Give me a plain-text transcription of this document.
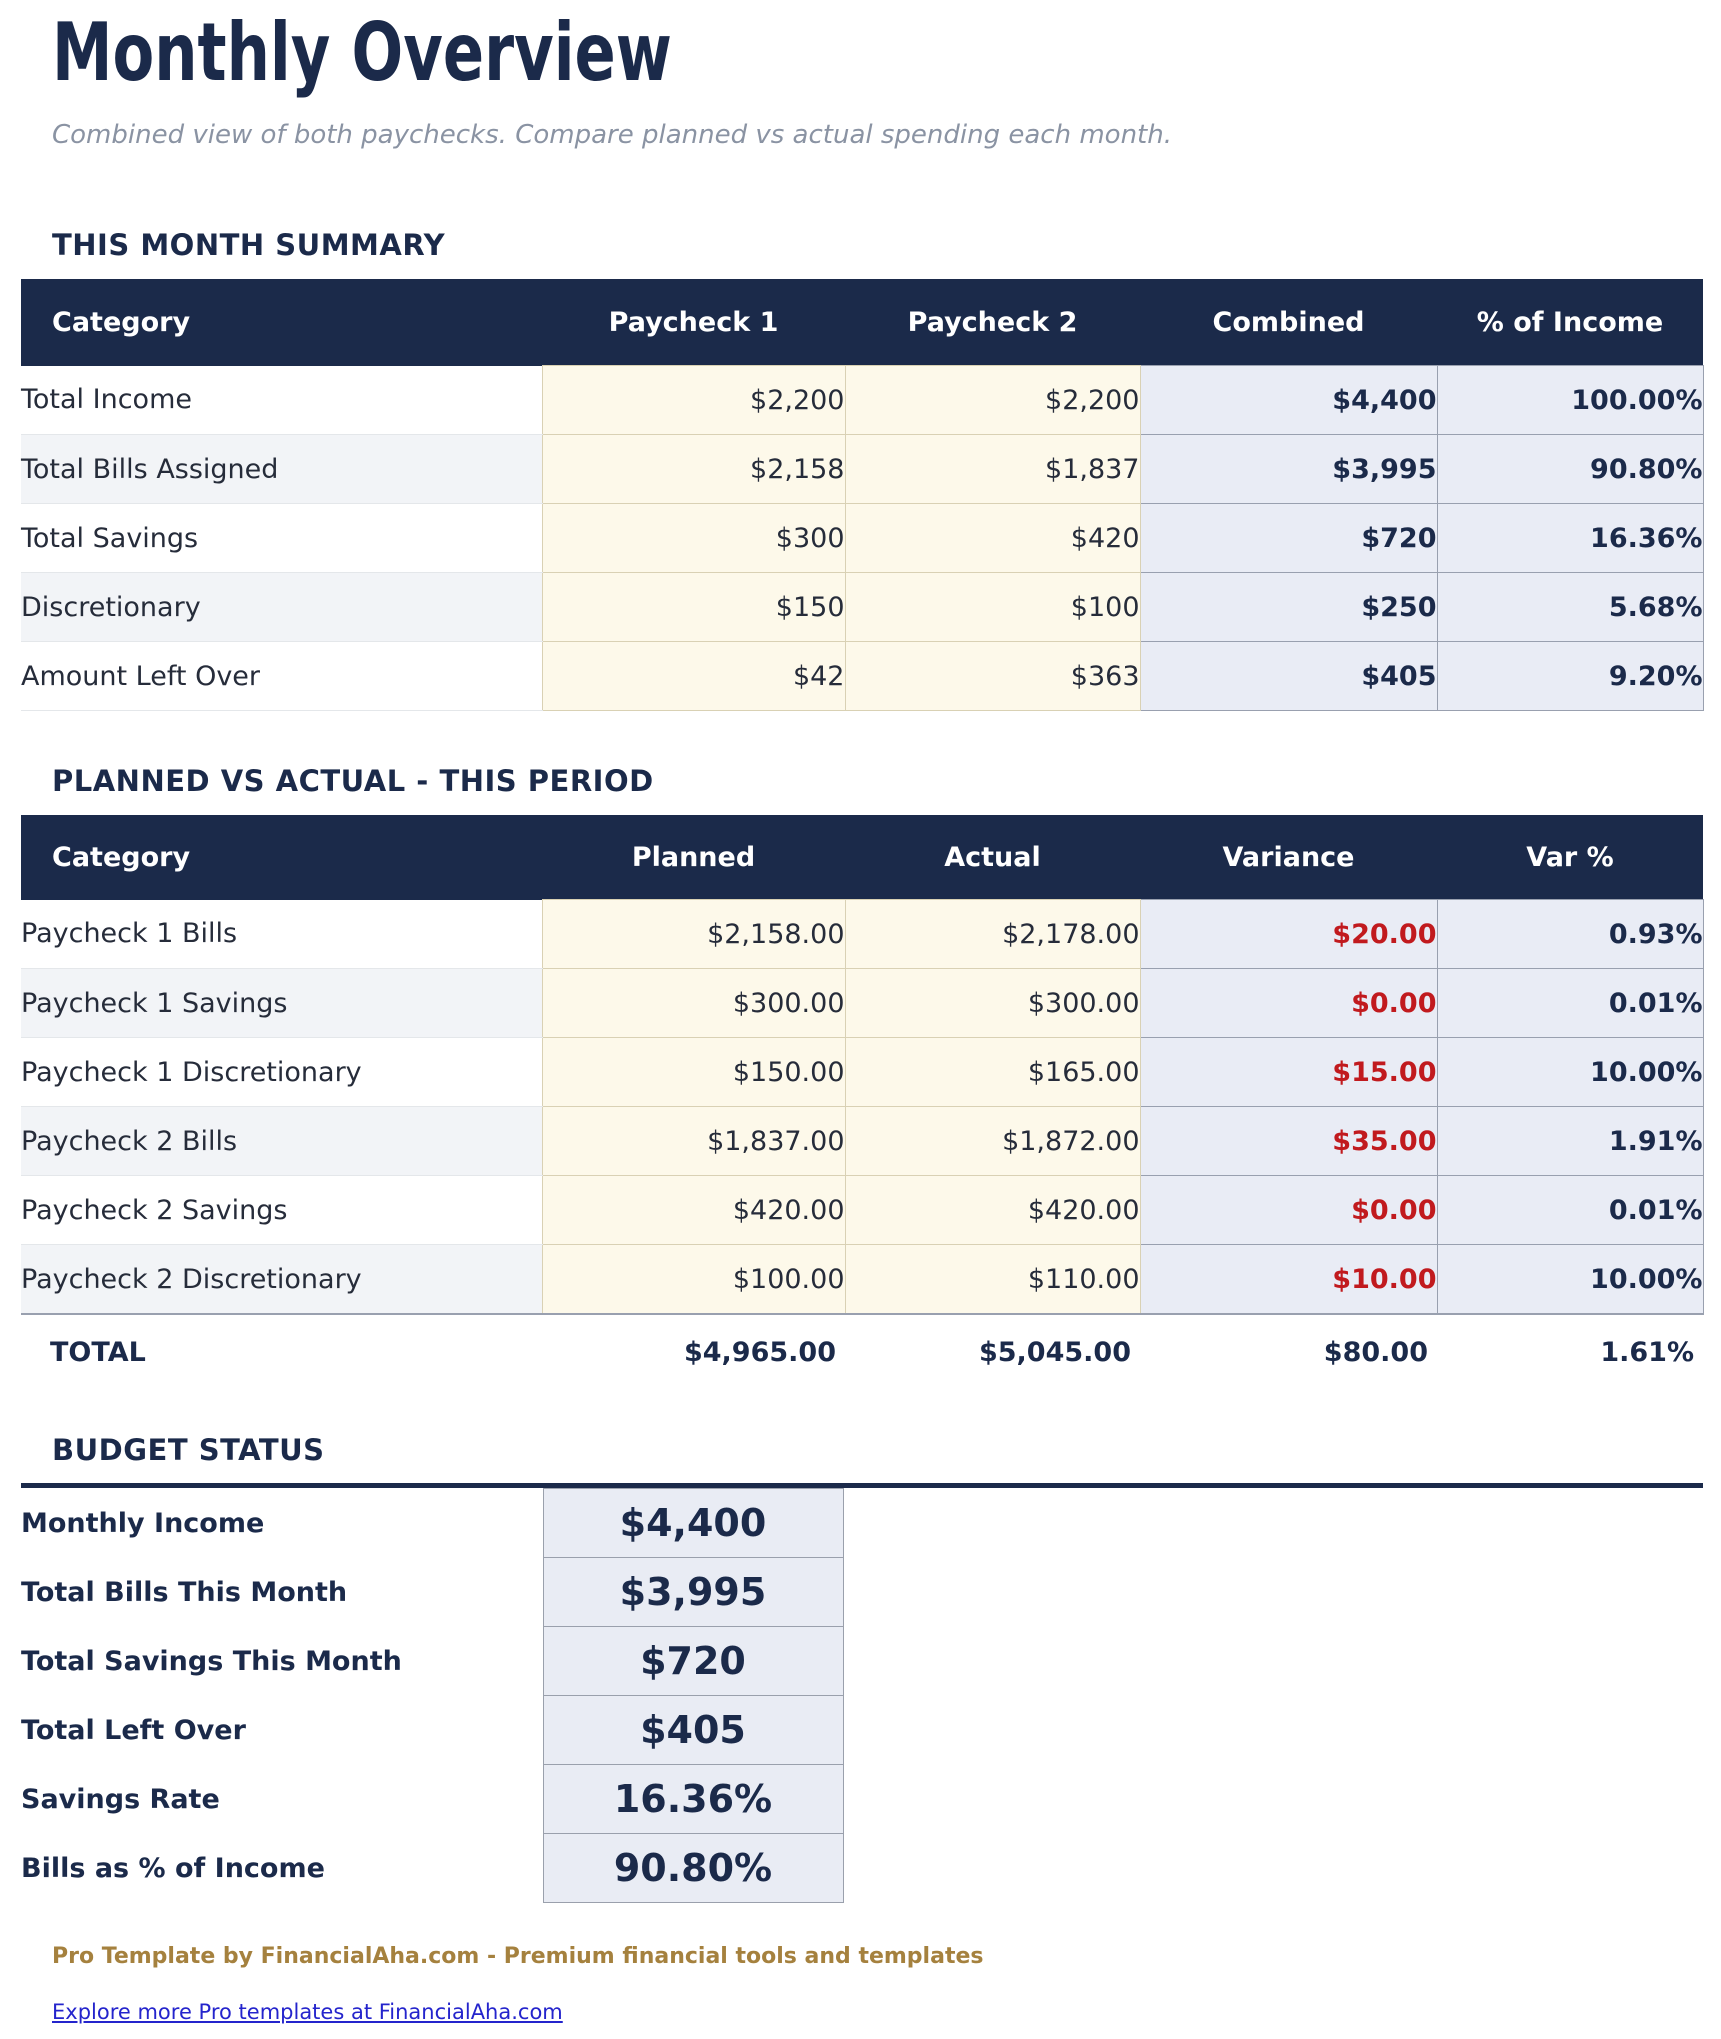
Monthly Overview
Combined view of both paychecks. Compare planned vs actual spending each month.
THIS MONTH SUMMARY
Category	Paycheck 1	Paycheck 2	Combined	% of Income
Total Income	$2,200	$2,200	$4,400	100.00%
Total Bills Assigned	$2,158	$1,837	$3,995	90.80%
Total Savings	$300	$420	$720	16.36%
Discretionary	$150	$100	$250	5.68%
Amount Left Over	$42	$363	$405	9.20%
PLANNED VS ACTUAL - THIS PERIOD
Category	Planned	Actual	Variance	Var %
Paycheck 1 Bills	$2,158.00	$2,178.00	$20.00	0.93%
Paycheck 1 Savings	$300.00	$300.00	$0.00	0.01%
Paycheck 1 Discretionary	$150.00	$165.00	$15.00	10.00%
Paycheck 2 Bills	$1,837.00	$1,872.00	$35.00	1.91%
Paycheck 2 Savings	$420.00	$420.00	$0.00	0.01%
Paycheck 2 Discretionary	$100.00	$110.00	$10.00	10.00%
TOTAL	$4,965.00	$5,045.00	$80.00	1.61%
BUDGET STATUS
Monthly Income	$4,400
Total Bills This Month	$3,995
Total Savings This Month	$720
Total Left Over	$405
Savings Rate	16.36%
Bills as % of Income	90.80%
Pro Template by FinancialAha.com - Premium financial tools and templates
Explore more Pro templates at FinancialAha.com
